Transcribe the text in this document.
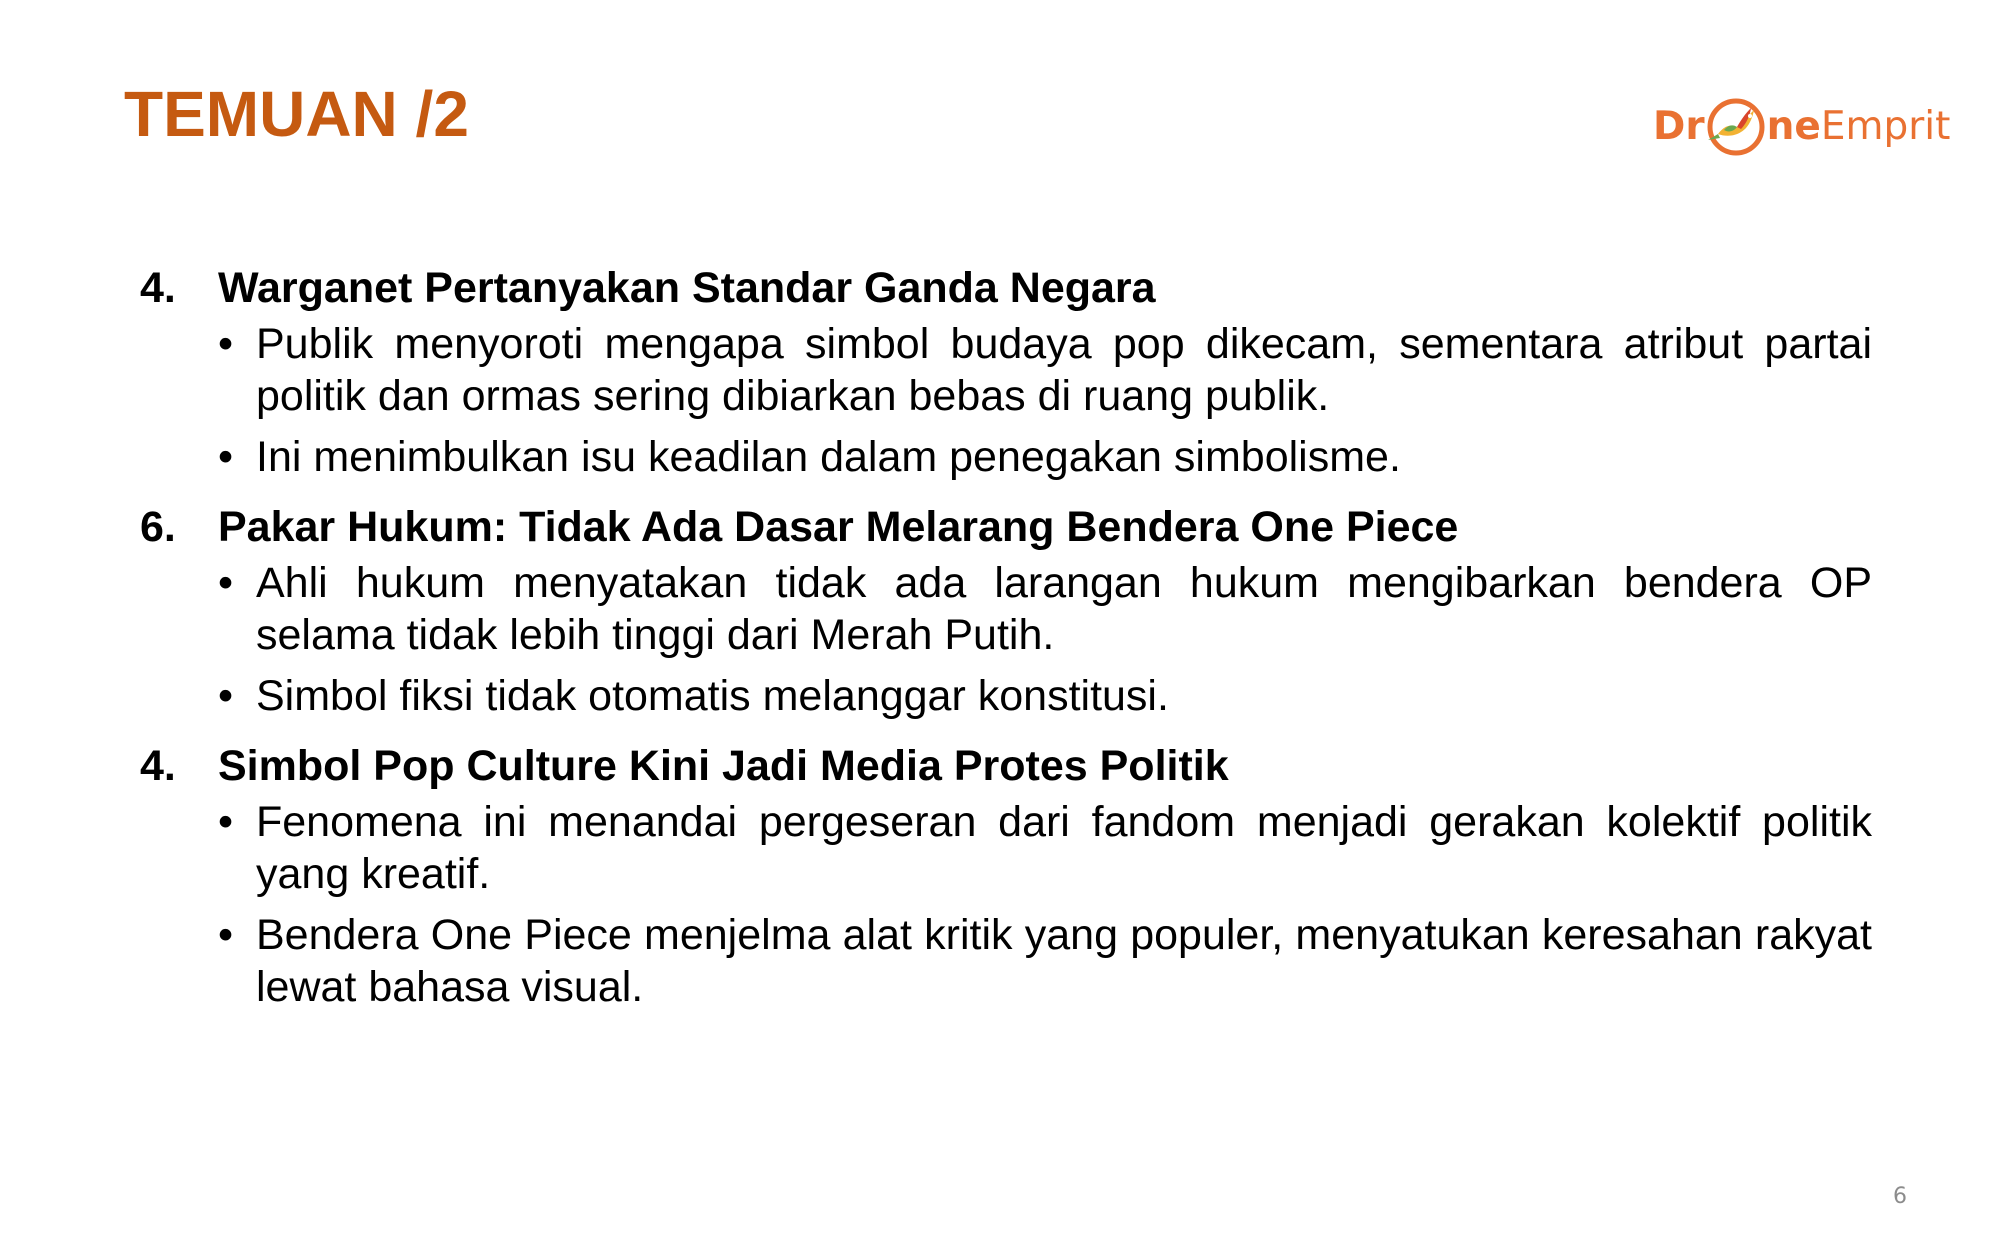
TEMUAN /2	Dr ne Emprit
4. Warganet Pertanyakan Standar Ganda Negara
• Publik menyoroti mengapa simbol budaya pop dikecam, sementara atribut partai politik dan ormas sering dibiarkan bebas di ruang publik.
• Ini menimbulkan isu keadilan dalam penegakan simbolisme.
6. Pakar Hukum: Tidak Ada Dasar Melarang Bendera One Piece
• Ahli hukum menyatakan tidak ada larangan hukum mengibarkan bendera OP selama tidak lebih tinggi dari Merah Putih.
• Simbol fiksi tidak otomatis melanggar konstitusi.
4. Simbol Pop Culture Kini Jadi Media Protes Politik
• Fenomena ini menandai pergeseran dari fandom menjadi gerakan kolektif politik yang kreatif.
• Bendera One Piece menjelma alat kritik yang populer, menyatukan keresahan rakyat lewat bahasa visual.
6
